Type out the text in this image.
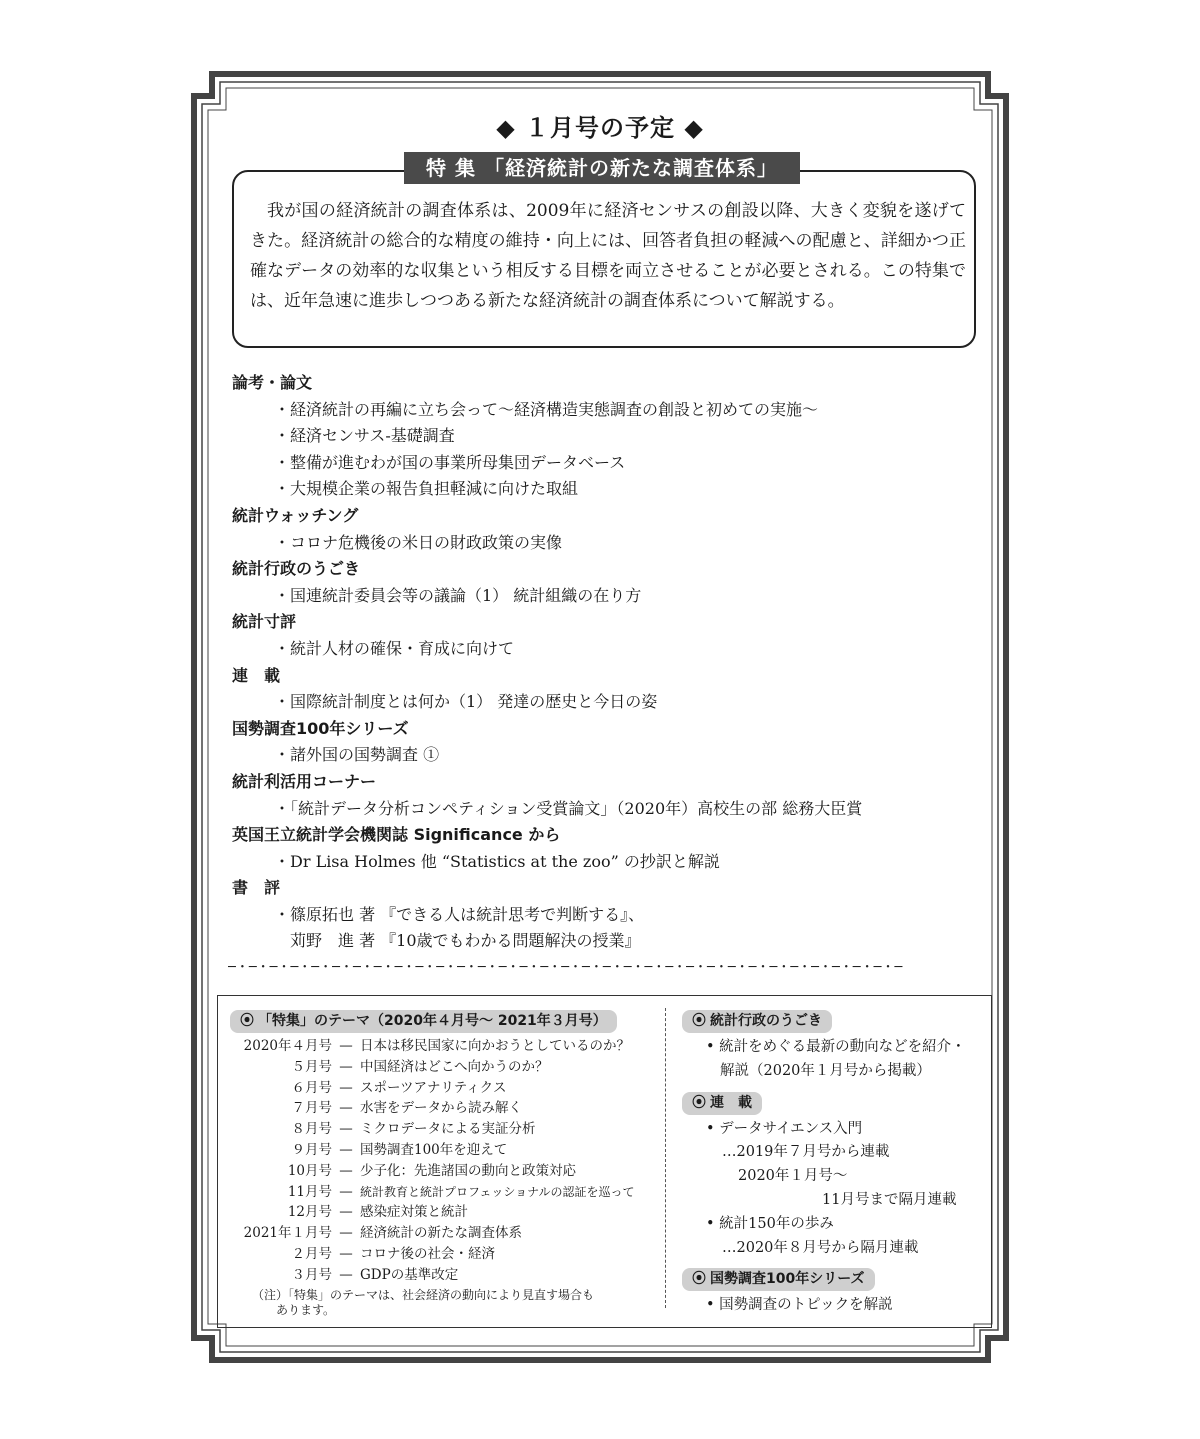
◆ １月号の予定 ◆
特 集 「経済統計の新たな調査体系」

我が国の経済統計の調査体系は、2009年に経済センサスの創設以降、大きく変貌を遂げてきた。経済統計の総合的な精度の維持・向上には、回答者負担の軽減への配慮と、詳細かつ正確なデータの効率的な収集という相反する目標を両立させることが必要とされる。この特集では、近年急速に進歩しつつある新たな経済統計の調査体系について解説する。

論考・論文
・経済統計の再編に立ち会って～経済構造実態調査の創設と初めての実施～
・経済センサス‐基礎調査
・整備が進むわが国の事業所母集団データベース
・大規模企業の報告負担軽減に向けた取組
統計ウォッチング
・コロナ危機後の米日の財政政策の実像
統計行政のうごき
・国連統計委員会等の議論（1） 統計組織の在り方
統計寸評
・統計人材の確保・育成に向けて
連　載
・国際統計制度とは何か（1） 発達の歴史と今日の姿
国勢調査100年シリーズ
・諸外国の国勢調査 ①
統計利活用コーナー
・「統計データ分析コンペティション受賞論文」（2020年）高校生の部 総務大臣賞
英国王立統計学会機関誌 Significance から
・Dr Lisa Holmes 他 “Statistics at the zoo” の抄訳と解説
書　評
・篠原拓也 著 『できる人は統計思考で判断する』、
　苅野　進 著 『10歳でもわかる問題解決の授業』
─・─・─・─・─・─・─・─・─・─・─・─・─・─・─・─・─・─・─・─・─・─・─・─・─・─・─・─・─・─・─・─・─
⦿ 「特集」のテーマ（2020年４月号～ 2021年３月号）
2020年４月号 — 日本は移民国家に向かおうとしているのか？
５月号 — 中国経済はどこへ向かうのか？
６月号 — スポーツアナリティクス
７月号 — 水害をデータから読み解く
８月号 — ミクロデータによる実証分析
９月号 — 国勢調査100年を迎えて
10月号 — 少子化：先進諸国の動向と政策対応
11月号 — 統計教育と統計プロフェッショナルの認証を巡って
12月号 — 感染症対策と統計
2021年１月号 — 経済統計の新たな調査体系
２月号 — コロナ後の社会・経済
３月号 — GDPの基準改定
（注）「特集」のテーマは、社会経済の動向により見直す場合も
あります。
⦿ 統計行政のうごき
• 統計をめぐる最新の動向などを紹介・
解説（2020年１月号から掲載）
⦿ 連　載
• データサイエンス入門
…2019年７月号から連載
2020年１月号～
11月号まで隔月連載
• 統計150年の歩み
…2020年８月号から隔月連載
⦿ 国勢調査100年シリーズ
• 国勢調査のトピックを解説
